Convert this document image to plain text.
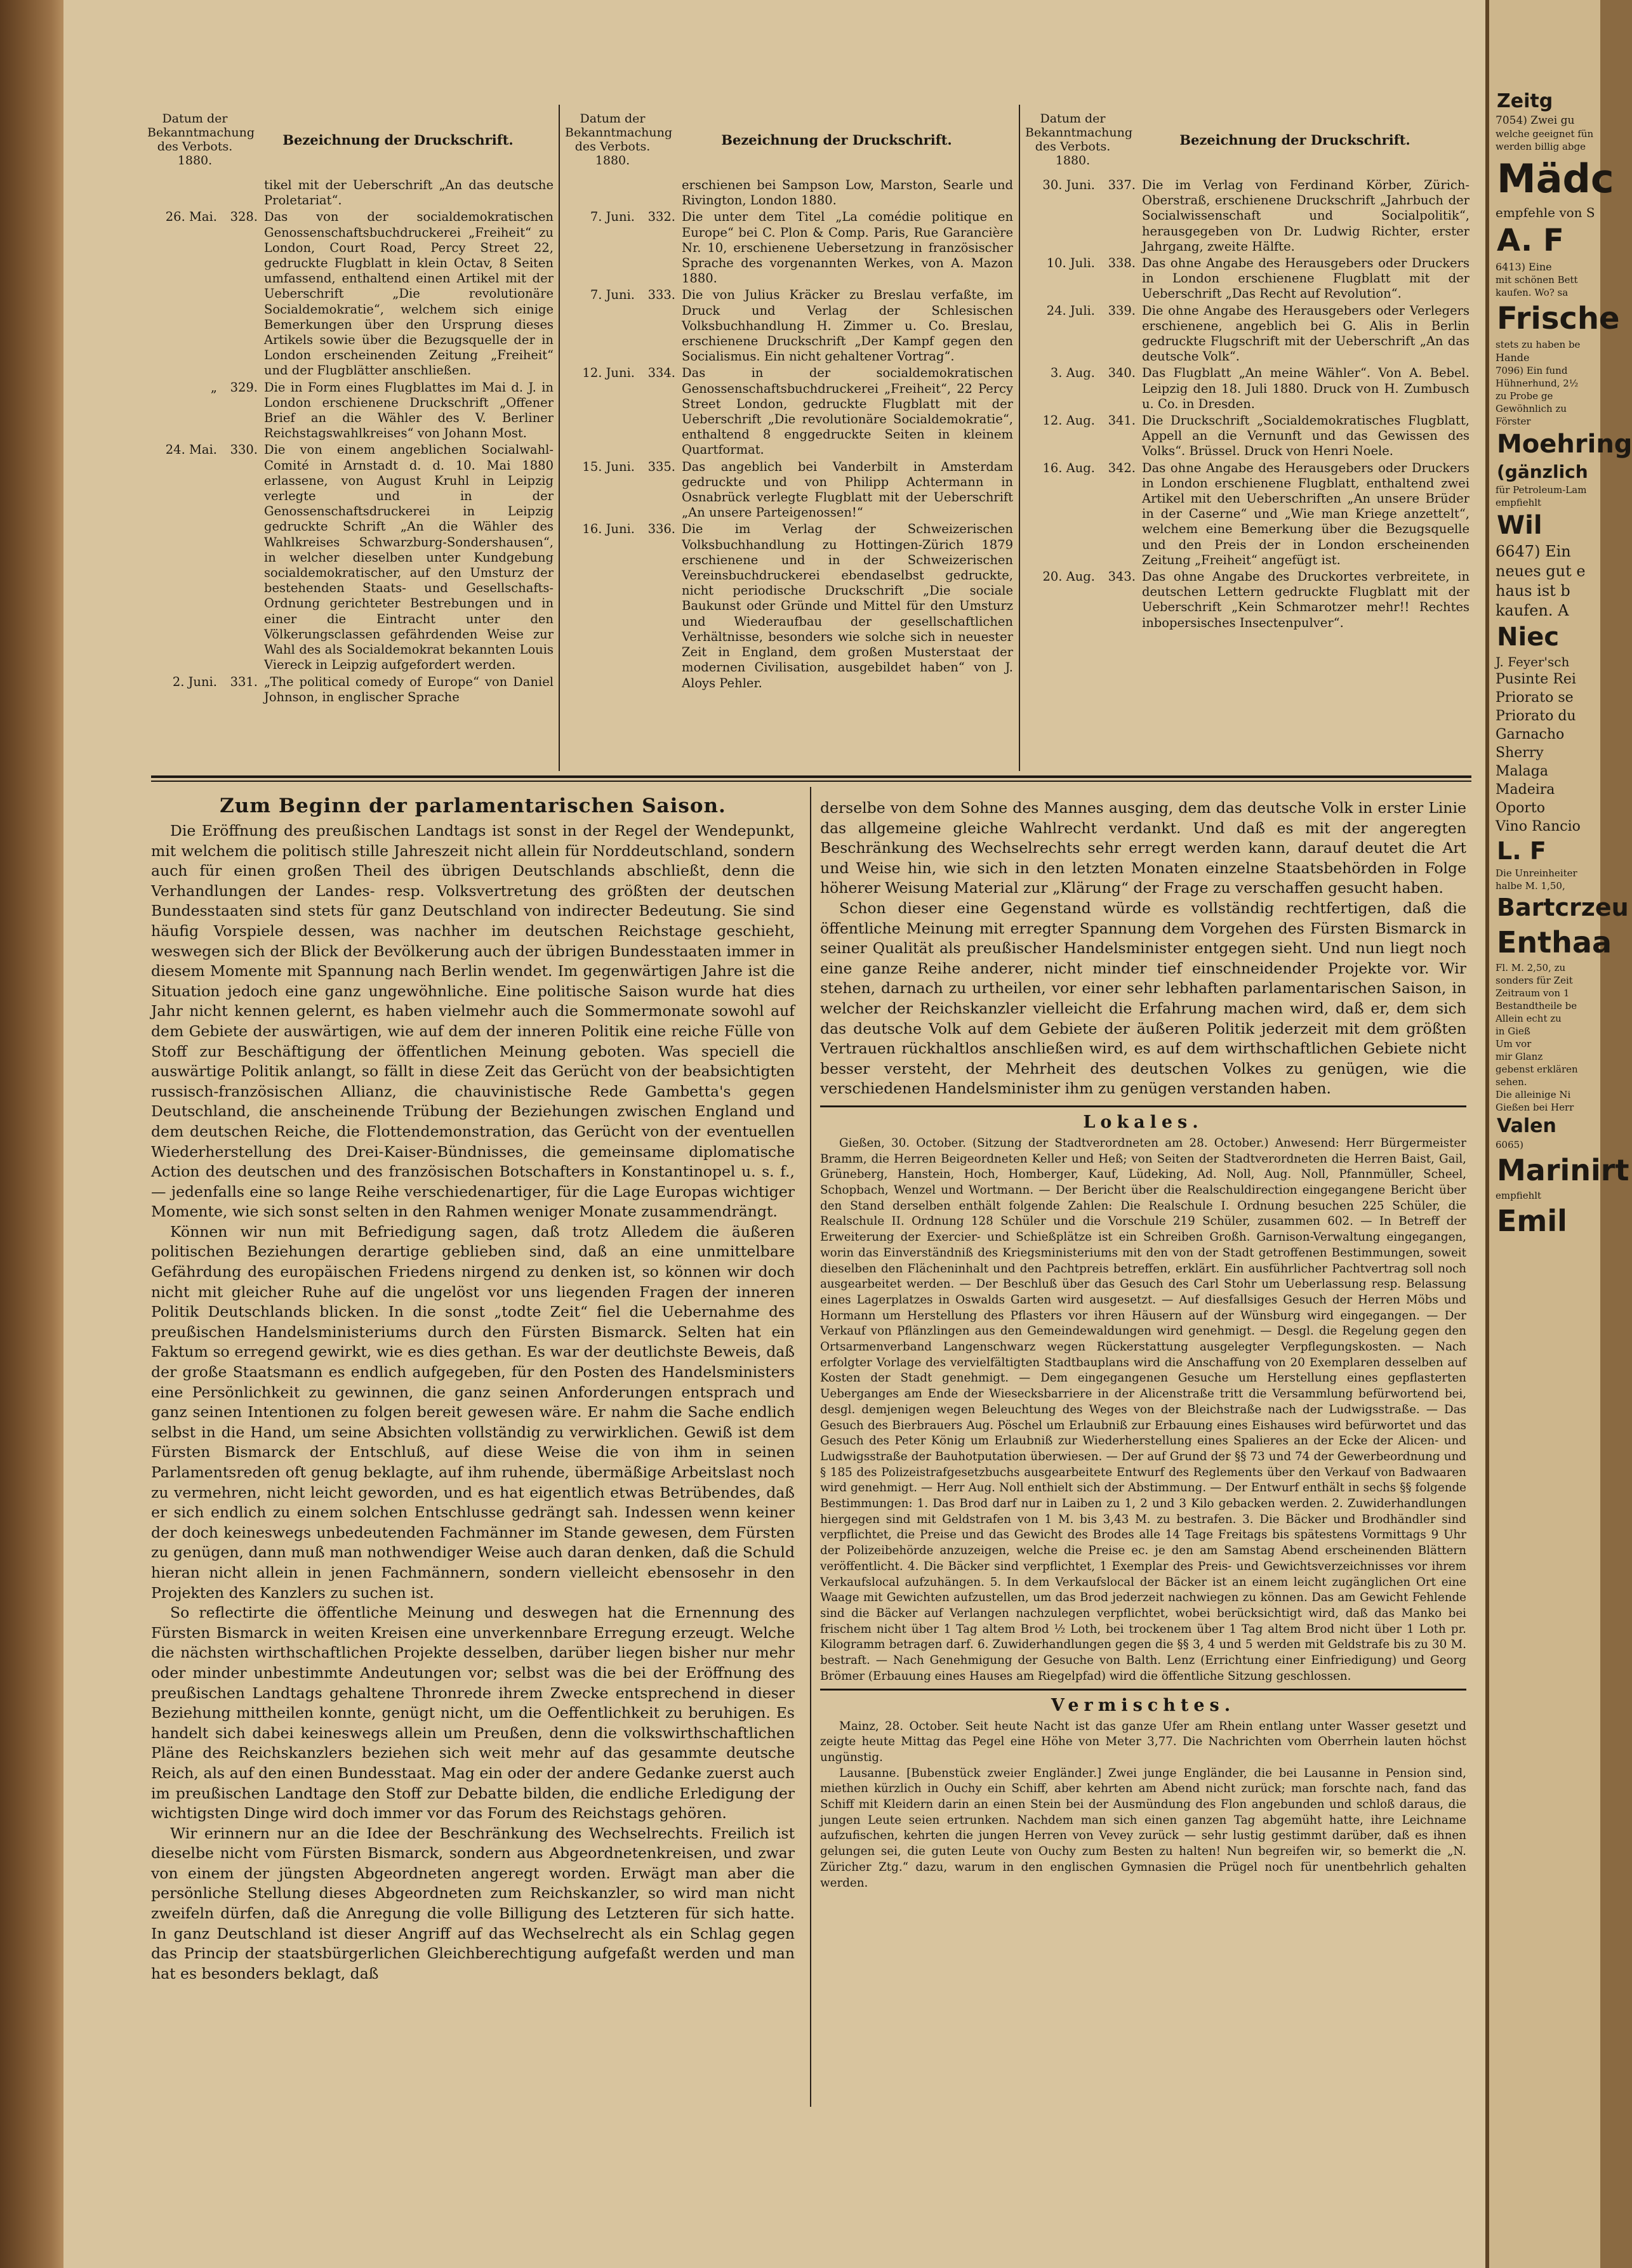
Datum der Bekanntmachung des Verbots. 1880.
Bezeichnung der Druckschrift.
tikel mit der Ueberschrift „An das deutsche Proletariat“.
26. Mai.	328. Das von der socialdemokratischen Genossenschaftsbuchdruckerei „Freiheit“ zu London, Court Road, Percy Street 22, gedruckte Flugblatt in klein Octav, 8 Seiten umfassend, enthaltend einen Artikel mit der Ueberschrift „Die revolutionäre Socialdemokratie“, welchem sich einige Bemerkungen über den Ursprung dieses Artikels sowie über die Bezugsquelle der in London erscheinenden Zeitung „Freiheit“ und der Flugblätter anschließen.
„	329. Die in Form eines Flugblattes im Mai d. J. in London erschienene Druckschrift „Offener Brief an die Wähler des V. Berliner Reichstagswahlkreises“ von Johann Most.
24. Mai.	330. Die von einem angeblichen Socialwahl-Comité in Arnstadt d. d. 10. Mai 1880 erlassene, von August Kruhl in Leipzig verlegte und in der Genossenschaftsdruckerei in Leipzig gedruckte Schrift „An die Wähler des Wahlkreises Schwarzburg-Sondershausen“, in welcher dieselben unter Kundgebung socialdemokratischer, auf den Umsturz der bestehenden Staats- und Gesellschafts-Ordnung gerichteter Bestrebungen und in einer die Eintracht unter den Völkerungsclassen gefährdenden Weise zur Wahl des als Socialdemokrat bekannten Louis Viereck in Leipzig aufgefordert werden.
2. Juni.	331. „The political comedy of Europe“ von Daniel Johnson, in englischer Sprache
Datum der Bekanntmachung des Verbots. 1880.
Bezeichnung der Druckschrift.
erschienen bei Sampson Low, Marston, Searle und Rivington, London 1880.
7. Juni.	332. Die unter dem Titel „La comédie politique en Europe“ bei C. Plon & Comp. Paris, Rue Garancière Nr. 10, erschienene Uebersetzung in französischer Sprache des vorgenannten Werkes, von A. Mazon 1880.
7. Juni.	333. Die von Julius Kräcker zu Breslau verfaßte, im Druck und Verlag der Schlesischen Volksbuchhandlung H. Zimmer u. Co. Breslau, erschienene Druckschrift „Der Kampf gegen den Socialismus. Ein nicht gehaltener Vortrag“.
12. Juni.	334. Das in der socialdemokratischen Genossenschaftsbuchdruckerei „Freiheit“, 22 Percy Street London, gedruckte Flugblatt mit der Ueberschrift „Die revolutionäre Socialdemokratie“, enthaltend 8 enggedruckte Seiten in kleinem Quartformat.
15. Juni.	335. Das angeblich bei Vanderbilt in Amsterdam gedruckte und von Philipp Achtermann in Osnabrück verlegte Flugblatt mit der Ueberschrift „An unsere Parteigenossen!“
16. Juni.	336. Die im Verlag der Schweizerischen Volksbuchhandlung zu Hottingen-Zürich 1879 erschienene und in der Schweizerischen Vereinsbuchdruckerei ebendaselbst gedruckte, nicht periodische Druckschrift „Die sociale Baukunst oder Gründe und Mittel für den Umsturz und Wiederaufbau der gesellschaftlichen Verhältnisse, besonders wie solche sich in neuester Zeit in England, dem großen Musterstaat der modernen Civilisation, ausgebildet haben“ von J. Aloys Pehler.
Datum der Bekanntmachung des Verbots. 1880.
Bezeichnung der Druckschrift.
30. Juni.	337. Die im Verlag von Ferdinand Körber, Zürich-Oberstraß, erschienene Druckschrift „Jahrbuch der Socialwissenschaft und Socialpolitik“, herausgegeben von Dr. Ludwig Richter, erster Jahrgang, zweite Hälfte.
10. Juli.	338. Das ohne Angabe des Herausgebers oder Druckers in London erschienene Flugblatt mit der Ueberschrift „Das Recht auf Revolution“.
24. Juli.	339. Die ohne Angabe des Herausgebers oder Verlegers erschienene, angeblich bei G. Alis in Berlin gedruckte Flugschrift mit der Ueberschrift „An das deutsche Volk“.
3. Aug.	340. Das Flugblatt „An meine Wähler“. Von A. Bebel. Leipzig den 18. Juli 1880. Druck von H. Zumbusch u. Co. in Dresden.
12. Aug.	341. Die Druckschrift „Socialdemokratisches Flugblatt, Appell an die Vernunft und das Gewissen des Volks“. Brüssel. Druck von Henri Noele.
16. Aug.	342. Das ohne Angabe des Herausgebers oder Druckers in London erschienene Flugblatt, enthaltend zwei Artikel mit den Ueberschriften „An unsere Brüder in der Caserne“ und „Wie man Kriege anzettelt“, welchem eine Bemerkung über die Bezugsquelle und den Preis der in London erscheinenden Zeitung „Freiheit“ angefügt ist.
20. Aug.	343. Das ohne Angabe des Druckortes verbreitete, in deutschen Lettern gedruckte Flugblatt mit der Ueberschrift „Kein Schmarotzer mehr!! Rechtes inbopersisches Insectenpulver“.
Zum Beginn der parlamentarischen Saison.

Die Eröffnung des preußischen Landtags ist sonst in der Regel der Wendepunkt, mit welchem die politisch stille Jahreszeit nicht allein für Norddeutschland, sondern auch für einen großen Theil des übrigen Deutschlands abschließt, denn die Verhandlungen der Landes- resp. Volksvertretung des größten der deutschen Bundesstaaten sind stets für ganz Deutschland von indirecter Bedeutung. Sie sind häufig Vorspiele dessen, was nachher im deutschen Reichstage geschieht, weswegen sich der Blick der Bevölkerung auch der übrigen Bundesstaaten immer in diesem Momente mit Spannung nach Berlin wendet. Im gegenwärtigen Jahre ist die Situation jedoch eine ganz ungewöhnliche. Eine politische Saison wurde hat dies Jahr nicht kennen gelernt, es haben vielmehr auch die Sommermonate sowohl auf dem Gebiete der auswärtigen, wie auf dem der inneren Politik eine reiche Fülle von Stoff zur Beschäftigung der öffentlichen Meinung geboten. Was speciell die auswärtige Politik anlangt, so fällt in diese Zeit das Gerücht von der beabsichtigten russisch-französischen Allianz, die chauvinistische Rede Gambetta's gegen Deutschland, die anscheinende Trübung der Beziehungen zwischen England und dem deutschen Reiche, die Flottendemonstration, das Gerücht von der eventuellen Wiederherstellung des Drei-Kaiser-Bündnisses, die gemeinsame diplomatische Action des deutschen und des französischen Botschafters in Konstantinopel u. s. f., — jedenfalls eine so lange Reihe verschiedenartiger, für die Lage Europas wichtiger Momente, wie sich sonst selten in den Rahmen weniger Monate zusammendrängt.

Können wir nun mit Befriedigung sagen, daß trotz Alledem die äußeren politischen Beziehungen derartige geblieben sind, daß an eine unmittelbare Gefährdung des europäischen Friedens nirgend zu denken ist, so können wir doch nicht mit gleicher Ruhe auf die ungelöst vor uns liegenden Fragen der inneren Politik Deutschlands blicken. In die sonst „todte Zeit“ fiel die Uebernahme des preußischen Handelsministeriums durch den Fürsten Bismarck. Selten hat ein Faktum so erregend gewirkt, wie es dies gethan. Es war der deutlichste Beweis, daß der große Staatsmann es endlich aufgegeben, für den Posten des Handelsministers eine Persönlichkeit zu gewinnen, die ganz seinen Anforderungen entsprach und ganz seinen Intentionen zu folgen bereit gewesen wäre. Er nahm die Sache endlich selbst in die Hand, um seine Absichten vollständig zu verwirklichen. Gewiß ist dem Fürsten Bismarck der Entschluß, auf diese Weise die von ihm in seinen Parlamentsreden oft genug beklagte, auf ihm ruhende, übermäßige Arbeitslast noch zu vermehren, nicht leicht geworden, und es hat eigentlich etwas Betrübendes, daß er sich endlich zu einem solchen Entschlusse gedrängt sah. Indessen wenn keiner der doch keineswegs unbedeutenden Fachmänner im Stande gewesen, dem Fürsten zu genügen, dann muß man nothwendiger Weise auch daran denken, daß die Schuld hieran nicht allein in jenen Fachmännern, sondern vielleicht ebensosehr in den Projekten des Kanzlers zu suchen ist.

So reflectirte die öffentliche Meinung und deswegen hat die Ernennung des Fürsten Bismarck in weiten Kreisen eine unverkennbare Erregung erzeugt. Welche die nächsten wirthschaftlichen Projekte desselben, darüber liegen bisher nur mehr oder minder unbestimmte Andeutungen vor; selbst was die bei der Eröffnung des preußischen Landtags gehaltene Thronrede ihrem Zwecke entsprechend in dieser Beziehung mittheilen konnte, genügt nicht, um die Oeffentlichkeit zu beruhigen. Es handelt sich dabei keineswegs allein um Preußen, denn die volkswirthschaftlichen Pläne des Reichskanzlers beziehen sich weit mehr auf das gesammte deutsche Reich, als auf den einen Bundesstaat. Mag ein oder der andere Gedanke zuerst auch im preußischen Landtage den Stoff zur Debatte bilden, die endliche Erledigung der wichtigsten Dinge wird doch immer vor das Forum des Reichstags gehören.

Wir erinnern nur an die Idee der Beschränkung des Wechselrechts. Freilich ist dieselbe nicht vom Fürsten Bismarck, sondern aus Abgeordnetenkreisen, und zwar von einem der jüngsten Abgeordneten angeregt worden. Erwägt man aber die persönliche Stellung dieses Abgeordneten zum Reichskanzler, so wird man nicht zweifeln dürfen, daß die Anregung die volle Billigung des Letzteren für sich hatte. In ganz Deutschland ist dieser Angriff auf das Wechselrecht als ein Schlag gegen das Princip der staatsbürgerlichen Gleichberechtigung aufgefaßt werden und man hat es besonders beklagt, daß

derselbe von dem Sohne des Mannes ausging, dem das deutsche Volk in erster Linie das allgemeine gleiche Wahlrecht verdankt. Und daß es mit der angeregten Beschränkung des Wechselrechts sehr erregt werden kann, darauf deutet die Art und Weise hin, wie sich in den letzten Monaten einzelne Staatsbehörden in Folge höherer Weisung Material zur „Klärung“ der Frage zu verschaffen gesucht haben.

Schon dieser eine Gegenstand würde es vollständig rechtfertigen, daß die öffentliche Meinung mit erregter Spannung dem Vorgehen des Fürsten Bismarck in seiner Qualität als preußischer Handelsminister entgegen sieht. Und nun liegt noch eine ganze Reihe anderer, nicht minder tief einschneidender Projekte vor. Wir stehen, darnach zu urtheilen, vor einer sehr lebhaften parlamentarischen Saison, in welcher der Reichskanzler vielleicht die Erfahrung machen wird, daß er, dem sich das deutsche Volk auf dem Gebiete der äußeren Politik jederzeit mit dem größten Vertrauen rückhaltlos anschließen wird, es auf dem wirthschaftlichen Gebiete nicht besser versteht, der Mehrheit des deutschen Volkes zu genügen, wie die verschiedenen Handelsminister ihm zu genügen verstanden haben.

Lokales.

Gießen, 30. October. (Sitzung der Stadtverordneten am 28. October.) Anwesend: Herr Bürgermeister Bramm, die Herren Beigeordneten Keller und Heß; von Seiten der Stadtverordneten die Herren Baist, Gail, Grüneberg, Hanstein, Hoch, Homberger, Kauf, Lüdeking, Ad. Noll, Aug. Noll, Pfannmüller, Scheel, Schopbach, Wenzel und Wortmann. — Der Bericht über die Realschuldirection eingegangene Bericht über den Stand derselben enthält folgende Zahlen: Die Realschule I. Ordnung besuchen 225 Schüler, die Realschule II. Ordnung 128 Schüler und die Vorschule 219 Schüler, zusammen 602. — In Betreff der Erweiterung der Exercier- und Schießplätze ist ein Schreiben Großh. Garnison-Verwaltung eingegangen, worin das Einverständniß des Kriegsministeriums mit den von der Stadt getroffenen Bestimmungen, soweit dieselben den Flächeninhalt und den Pachtpreis betreffen, erklärt. Ein ausführlicher Pachtvertrag soll noch ausgearbeitet werden. — Der Beschluß über das Gesuch des Carl Stohr um Ueberlassung resp. Belassung eines Lagerplatzes in Oswalds Garten wird ausgesetzt. — Auf diesfallsiges Gesuch der Herren Möbs und Hormann um Herstellung des Pflasters vor ihren Häusern auf der Wünsburg wird eingegangen. — Der Verkauf von Pflänzlingen aus den Gemeindewaldungen wird genehmigt. — Desgl. die Regelung gegen den Ortsarmenverband Langenschwarz wegen Rückerstattung ausgelegter Verpflegungskosten. — Nach erfolgter Vorlage des vervielfältigten Stadtbauplans wird die Anschaffung von 20 Exemplaren desselben auf Kosten der Stadt genehmigt. — Dem eingegangenen Gesuche um Herstellung eines gepflasterten Ueberganges am Ende der Wiesecksbarriere in der Alicenstraße tritt die Versammlung befürwortend bei, desgl. demjenigen wegen Beleuchtung des Weges von der Bleichstraße nach der Ludwigsstraße. — Das Gesuch des Bierbrauers Aug. Pöschel um Erlaubniß zur Erbauung eines Eishauses wird befürwortet und das Gesuch des Peter König um Erlaubniß zur Wiederherstellung eines Spalieres an der Ecke der Alicen- und Ludwigsstraße der Bauhotputation überwiesen. — Der auf Grund der §§ 73 und 74 der Gewerbeordnung und § 185 des Polizeistrafgesetzbuchs ausgearbeitete Entwurf des Reglements über den Verkauf von Badwaaren wird genehmigt. — Herr Aug. Noll enthielt sich der Abstimmung. — Der Entwurf enthält in sechs §§ folgende Bestimmungen: 1. Das Brod darf nur in Laiben zu 1, 2 und 3 Kilo gebacken werden. 2. Zuwiderhandlungen hiergegen sind mit Geldstrafen von 1 M. bis 3,43 M. zu bestrafen. 3. Die Bäcker und Brodhändler sind verpflichtet, die Preise und das Gewicht des Brodes alle 14 Tage Freitags bis spätestens Vormittags 9 Uhr der Polizeibehörde anzuzeigen, welche die Preise ec. je den am Samstag Abend erscheinenden Blättern veröffentlicht. 4. Die Bäcker sind verpflichtet, 1 Exemplar des Preis- und Gewichtsverzeichnisses vor ihrem Verkaufslocal aufzuhängen. 5. In dem Verkaufslocal der Bäcker ist an einem leicht zugänglichen Ort eine Waage mit Gewichten aufzustellen, um das Brod jederzeit nachwiegen zu können. Das am Gewicht Fehlende sind die Bäcker auf Verlangen nachzulegen verpflichtet, wobei berücksichtigt wird, daß das Manko bei frischem nicht über 1 Tag altem Brod ½ Loth, bei trockenem über 1 Tag altem Brod nicht über 1 Loth pr. Kilogramm betragen darf. 6. Zuwiderhandlungen gegen die §§ 3, 4 und 5 werden mit Geldstrafe bis zu 30 M. bestraft. — Nach Genehmigung der Gesuche von Balth. Lenz (Errichtung einer Einfriedigung) und Georg Brömer (Erbauung eines Hauses am Riegelpfad) wird die öffentliche Sitzung geschlossen.

Vermischtes.

Mainz, 28. October. Seit heute Nacht ist das ganze Ufer am Rhein entlang unter Wasser gesetzt und zeigte heute Mittag das Pegel eine Höhe von Meter 3,77. Die Nachrichten vom Oberrhein lauten höchst ungünstig.

Lausanne. [Bubenstück zweier Engländer.] Zwei junge Engländer, die bei Lausanne in Pension sind, miethen kürzlich in Ouchy ein Schiff, aber kehrten am Abend nicht zurück; man forschte nach, fand das Schiff mit Kleidern darin an einen Stein bei der Ausmündung des Flon angebunden und schloß daraus, die jungen Leute seien ertrunken. Nachdem man sich einen ganzen Tag abgemüht hatte, ihre Leichname aufzufischen, kehrten die jungen Herren von Vevey zurück — sehr lustig gestimmt darüber, daß es ihnen gelungen sei, die guten Leute von Ouchy zum Besten zu halten! Nun begreifen wir, so bemerkt die „N. Züricher Ztg.“ dazu, warum in den englischen Gymnasien die Prügel noch für unentbehrlich gehalten werden.

Zeitg
7054) Zwei gu
welche geeignet fün
werden billig abge
Mädc
empfehle von S
A. F
6413) Eine
mit schönen Bett
kaufen. Wo? sa
Frische
stets zu haben be
Hande
7096) Ein fund
Hühnerhund, 2½
zu Probe ge
Gewöhnlich zu
Förster
Moehring
(gänzlich
für Petroleum-Lam
empfiehlt
Wil
6647) Ein
neues gut e
haus ist b
kaufen. A
Niec
J. Feyer'sch
Pusinte Rei
Priorato se
Priorato du
Garnacho
Sherry
Malaga
Madeira
Oporto
Vino Rancio
L. F
Die Unreinheiter
halbe M. 1,50,
Bartcrzeu
Enthaa
Fl. M. 2,50, zu
sonders für Zeit
Zeitraum von 1
Bestandtheile be
Allein echt zu
in Gieß
Um vor
mir Glanz
gebenst erklären
sehen.
Die alleinige Ni
Gießen bei Herr
Valen
6065)
Marinirt
empfiehlt
Emil
